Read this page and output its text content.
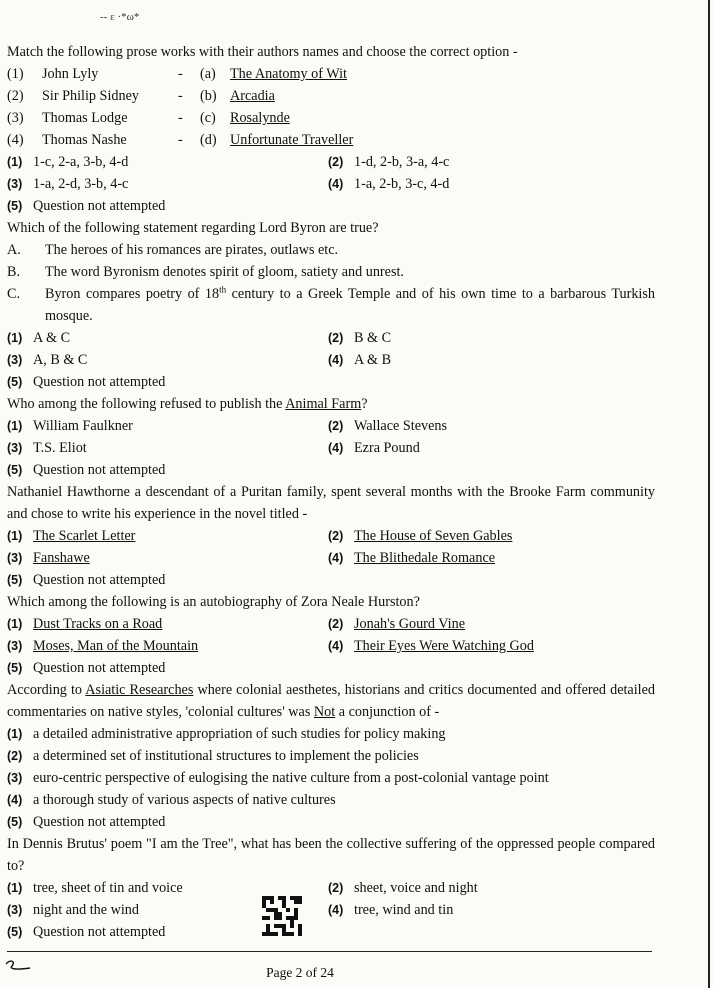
-- ε ·*ω*

Match the following prose works with their authors names and choose the correct option -

(1) John Lyly	- (a) The Anatomy of Wit
(2) Sir Philip Sidney	- (b) Arcadia
(3) Thomas Lodge	- (c) Rosalynde
(4) Thomas Nashe	- (d) Unfortunate Traveller
(1) 1-c, 2-a, 3-b, 4-d	(2) 1-d, 2-b, 3-a, 4-c
(3) 1-a, 2-d, 3-b, 4-c	(4) 1-a, 2-b, 3-c, 4-d
(5) Question not attempted

Which of the following statement regarding Lord Byron are true?

A. The heroes of his romances are pirates, outlaws etc.
B. The word Byronism denotes spirit of gloom, satiety and unrest.
C. Byron compares poetry of 18th century to a Greek Temple and of his own time to a barbarous Turkish mosque.
(1) A & C	(2) B & C
(3) A, B & C	(4) A & B
(5) Question not attempted

Who among the following refused to publish the Animal Farm?

(1) William Faulkner	(2) Wallace Stevens
(3) T.S. Eliot	(4) Ezra Pound
(5) Question not attempted

Nathaniel Hawthorne a descendant of a Puritan family, spent several months with the Brooke Farm community and chose to write his experience in the novel titled -

(1) The Scarlet Letter	(2) The House of Seven Gables
(3) Fanshawe	(4) The Blithedale Romance
(5) Question not attempted

Which among the following is an autobiography of Zora Neale Hurston?

(1) Dust Tracks on a Road	(2) Jonah's Gourd Vine
(3) Moses, Man of the Mountain	(4) Their Eyes Were Watching God
(5) Question not attempted

According to Asiatic Researches where colonial aesthetes, historians and critics documented and offered detailed commentaries on native styles, 'colonial cultures' was Not a conjunction of -

(1) a detailed administrative appropriation of such studies for policy making
(2) a determined set of institutional structures to implement the policies
(3) euro-centric perspective of eulogising the native culture from a post-colonial vantage point
(4) a thorough study of various aspects of native cultures
(5) Question not attempted

In Dennis Brutus' poem "I am the Tree", what has been the collective suffering of the oppressed people compared to?

(1) tree, sheet of tin and voice	(2) sheet, voice and night
(3) night and the wind	(4) tree, wind and tin
(5) Question not attempted
Page 2 of 24
